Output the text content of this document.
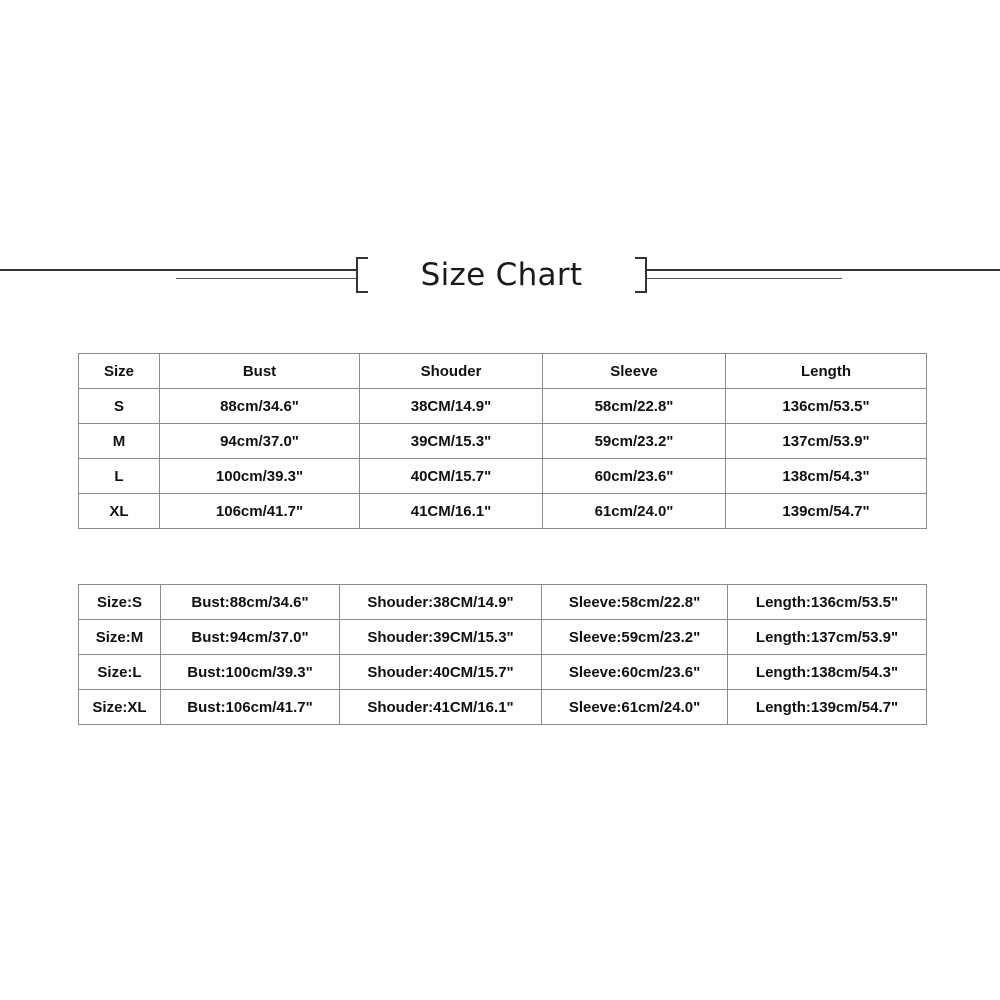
Size Chart
Size	Bust	Shouder	Sleeve	Length
S	88cm/34.6"	38CM/14.9"	58cm/22.8"	136cm/53.5"
M	94cm/37.0"	39CM/15.3"	59cm/23.2"	137cm/53.9"
L	100cm/39.3"	40CM/15.7"	60cm/23.6"	138cm/54.3"
XL	106cm/41.7"	41CM/16.1"	61cm/24.0"	139cm/54.7"
Size:S	Bust:88cm/34.6"	Shouder:38CM/14.9"	Sleeve:58cm/22.8"	Length:136cm/53.5"
Size:M	Bust:94cm/37.0"	Shouder:39CM/15.3"	Sleeve:59cm/23.2"	Length:137cm/53.9"
Size:L	Bust:100cm/39.3"	Shouder:40CM/15.7"	Sleeve:60cm/23.6"	Length:138cm/54.3"
Size:XL	Bust:106cm/41.7"	Shouder:41CM/16.1"	Sleeve:61cm/24.0"	Length:139cm/54.7"
